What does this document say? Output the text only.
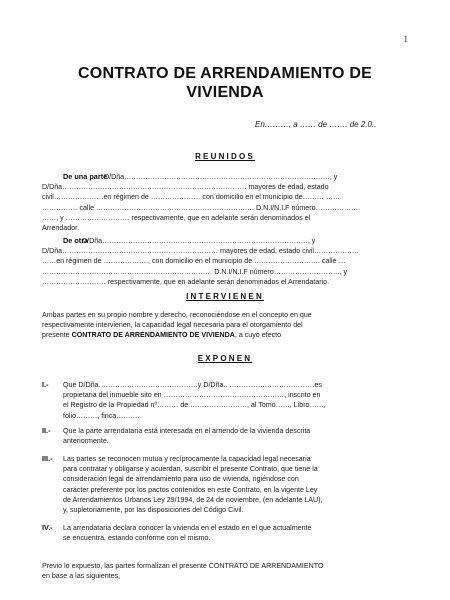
1
CONTRATO DE ARRENDAMIENTO DE
VIVIENDA
En………, a …… de ……. de 2.0..
REUNIDOS
De una parte
D/Dña……………………………………………………………………………, y
D/Dña…………………………………………………………………… mayores de edad, estado
civil…………………en régimen de ………………… con domicilio en el municipio de……… ……
…………… calle ……………………………………………………….… D.N.I/N.I.F número……………….
……, y ……………………… respectivamente, que en adelante serán denominados el
Arrendador.
De otra
D/Dña……………………………………………………………………………, y
D/Dña………………………………………………………… mayores de edad, estado civil……………….
……en régimen de ………………., con domicilio en el municipio de ………………………. calle …
……………………………………………………………… D.N.I/N.I.F número………………………., y
……………………… respectivamente, que en adelante serán denominados el Arrendatario.
INTERVIENEN
Ambas partes en su propio nombre y derecho, reconociéndose en el concepto en que
respectivamente intervienen, la capacidad legal necesaria para el otorgamiento del
presente CONTRATO DE ARRENDAMIENTO DE VIVIENDA, a cuyo efecto
EXPONEN
I.- Que D/Dña……………………………………y D/Dña.. ………………………………es
propietaria del inmueble sito en ……………………………………………, inscrito en
el Registro de la Propiedad nº……… de ……………………, al Tomo……, Libro……,
folio………, finca……….
II.- Que la parte arrendataria está interesada en el arriendo de la vivienda descrita
anteriormente.
III.- Las partes se reconocen mutua y recíprocamente la capacidad legal necesaria
para contratar y obligarse y acuerdan, suscribir el presente Contrato, que tiene la
consideración legal de arrendamiento para uso de vivienda, rigiéndose con
carácter preferente por los pactos contenidos en este Contrato, en la vigente Ley
de Arrendamientos Urbanos Ley 29/1994, de 24 de noviembre, (en adelante LAU),
y, supletoriamente, por las disposiciones del Código Civil.
IV.- La arrendataria declara conocer la vivienda en el estado en el que actualmente
se encuentra, estando conforme con el mismo.
Previo lo expuesto, las partes formalizan el presente CONTRATO DE ARRENDAMIENTO
en base a las siguientes,
